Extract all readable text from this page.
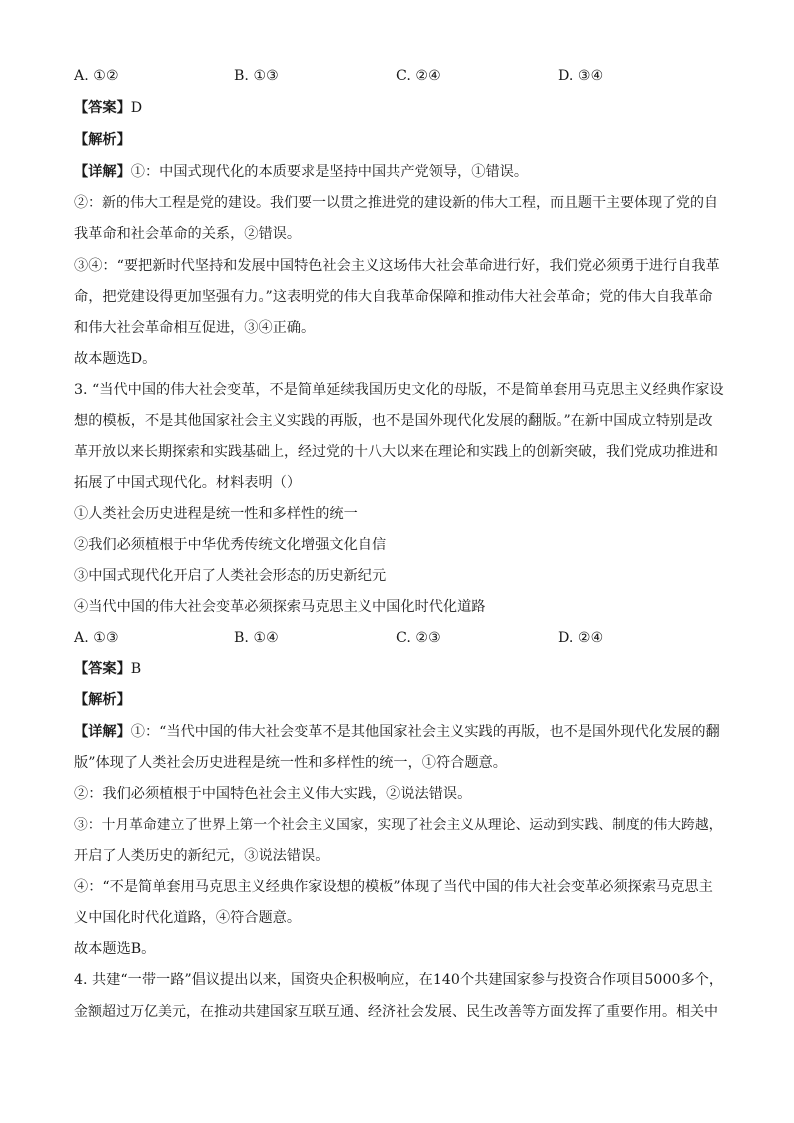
A. ①②	B. ①③	C. ②④	D. ③④
【答案】D
【解析】
【详解】①：中国式现代化的本质要求是坚持中国共产党领导，①错误。
②：新的伟大工程是党的建设。我们要一以贯之推进党的建设新的伟大工程，而且题干主要体现了党的自
我革命和社会革命的关系，②错误。
③④：“要把新时代坚持和发展中国特色社会主义这场伟大社会革命进行好，我们党必须勇于进行自我革
命，把党建设得更加坚强有力。”这表明党的伟大自我革命保障和推动伟大社会革命；党的伟大自我革命
和伟大社会革命相互促进，③④正确。
故本题选D。
3. “当代中国的伟大社会变革，不是简单延续我国历史文化的母版，不是简单套用马克思主义经典作家设
想的模板，不是其他国家社会主义实践的再版，也不是国外现代化发展的翻版。”在新中国成立特别是改
革开放以来长期探索和实践基础上，经过党的十八大以来在理论和实践上的创新突破，我们党成功推进和
拓展了中国式现代化。材料表明（）
①人类社会历史进程是统一性和多样性的统一
②我们必须植根于中华优秀传统文化增强文化自信
③中国式现代化开启了人类社会形态的历史新纪元
④当代中国的伟大社会变革必须探索马克思主义中国化时代化道路
A. ①③	B. ①④	C. ②③	D. ②④
【答案】B
【解析】
【详解】①：“当代中国的伟大社会变革不是其他国家社会主义实践的再版，也不是国外现代化发展的翻
版”体现了人类社会历史进程是统一性和多样性的统一，①符合题意。
②：我们必须植根于中国特色社会主义伟大实践，②说法错误。
③：十月革命建立了世界上第一个社会主义国家，实现了社会主义从理论、运动到实践、制度的伟大跨越，
开启了人类历史的新纪元，③说法错误。
④：“不是简单套用马克思主义经典作家设想的模板”体现了当代中国的伟大社会变革必须探索马克思主
义中国化时代化道路，④符合题意。
故本题选B。
4. 共建“一带一路”倡议提出以来，国资央企积极响应，在140个共建国家参与投资合作项目5000多个，
金额超过万亿美元，在推动共建国家互联互通、经济社会发展、民生改善等方面发挥了重要作用。相关中
